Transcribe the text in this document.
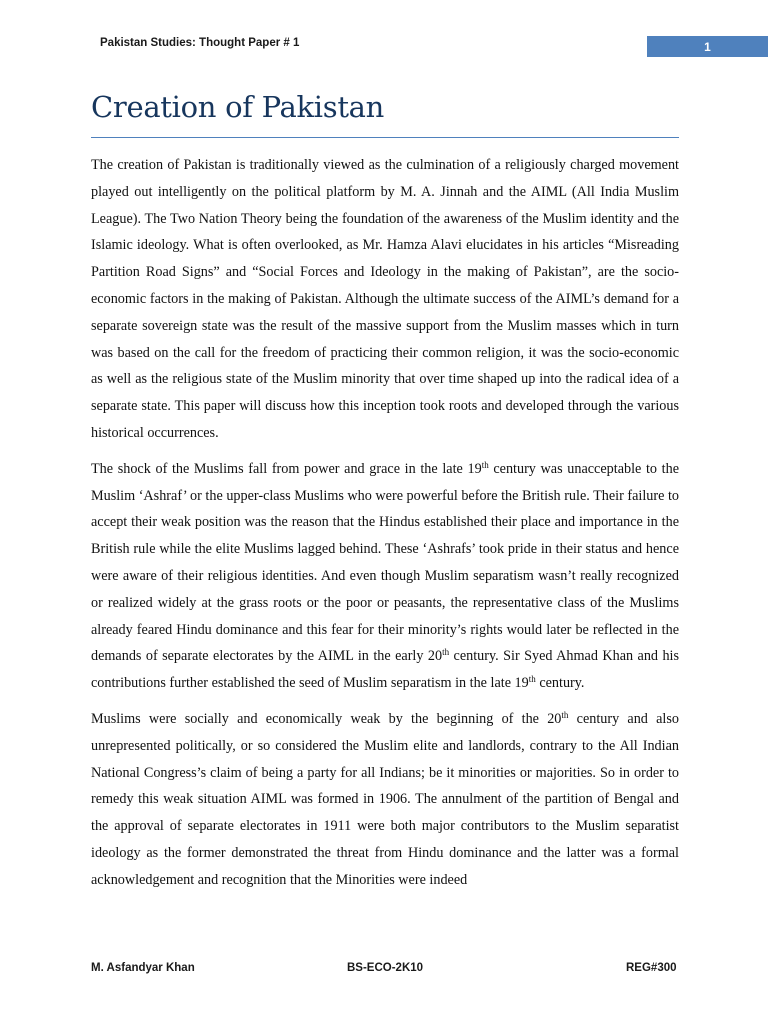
Pakistan Studies: Thought Paper # 1	1
Creation of Pakistan

The creation of Pakistan is traditionally viewed as the culmination of a religiously charged movement played out intelligently on the political platform by M. A. Jinnah and the AIML (All India Muslim League). The Two Nation Theory being the foundation of the awareness of the Muslim identity and the Islamic ideology. What is often overlooked, as Mr. Hamza Alavi elucidates in his articles “Misreading Partition Road Signs” and “Social Forces and Ideology in the making of Pakistan”, are the socio-economic factors in the making of Pakistan. Although the ultimate success of the AIML’s demand for a separate sovereign state was the result of the massive support from the Muslim masses which in turn was based on the call for the freedom of practicing their common religion, it was the socio-economic as well as the religious state of the Muslim minority that over time shaped up into the radical idea of a separate state. This paper will discuss how this inception took roots and developed through the various historical occurrences.

The shock of the Muslims fall from power and grace in the late 19th century was unacceptable to the Muslim ‘Ashraf’ or the upper-class Muslims who were powerful before the British rule. Their failure to accept their weak position was the reason that the Hindus established their place and importance in the British rule while the elite Muslims lagged behind. These ‘Ashrafs’ took pride in their status and hence were aware of their religious identities. And even though Muslim separatism wasn’t really recognized or realized widely at the grass roots or the poor or peasants, the representative class of the Muslims already feared Hindu dominance and this fear for their minority’s rights would later be reflected in the demands of separate electorates by the AIML in the early 20th century. Sir Syed Ahmad Khan and his contributions further established the seed of Muslim separatism in the late 19th century.

Muslims were socially and economically weak by the beginning of the 20th century and also unrepresented politically, or so considered the Muslim elite and landlords, contrary to the All Indian National Congress’s claim of being a party for all Indians; be it minorities or majorities. So in order to remedy this weak situation AIML was formed in 1906. The annulment of the partition of Bengal and the approval of separate electorates in 1911 were both major contributors to the Muslim separatist ideology as the former demonstrated the threat from Hindu dominance and the latter was a formal acknowledgement and recognition that the Minorities were indeed

M. Asfandyar Khan	BS-ECO-2K10	REG#300
